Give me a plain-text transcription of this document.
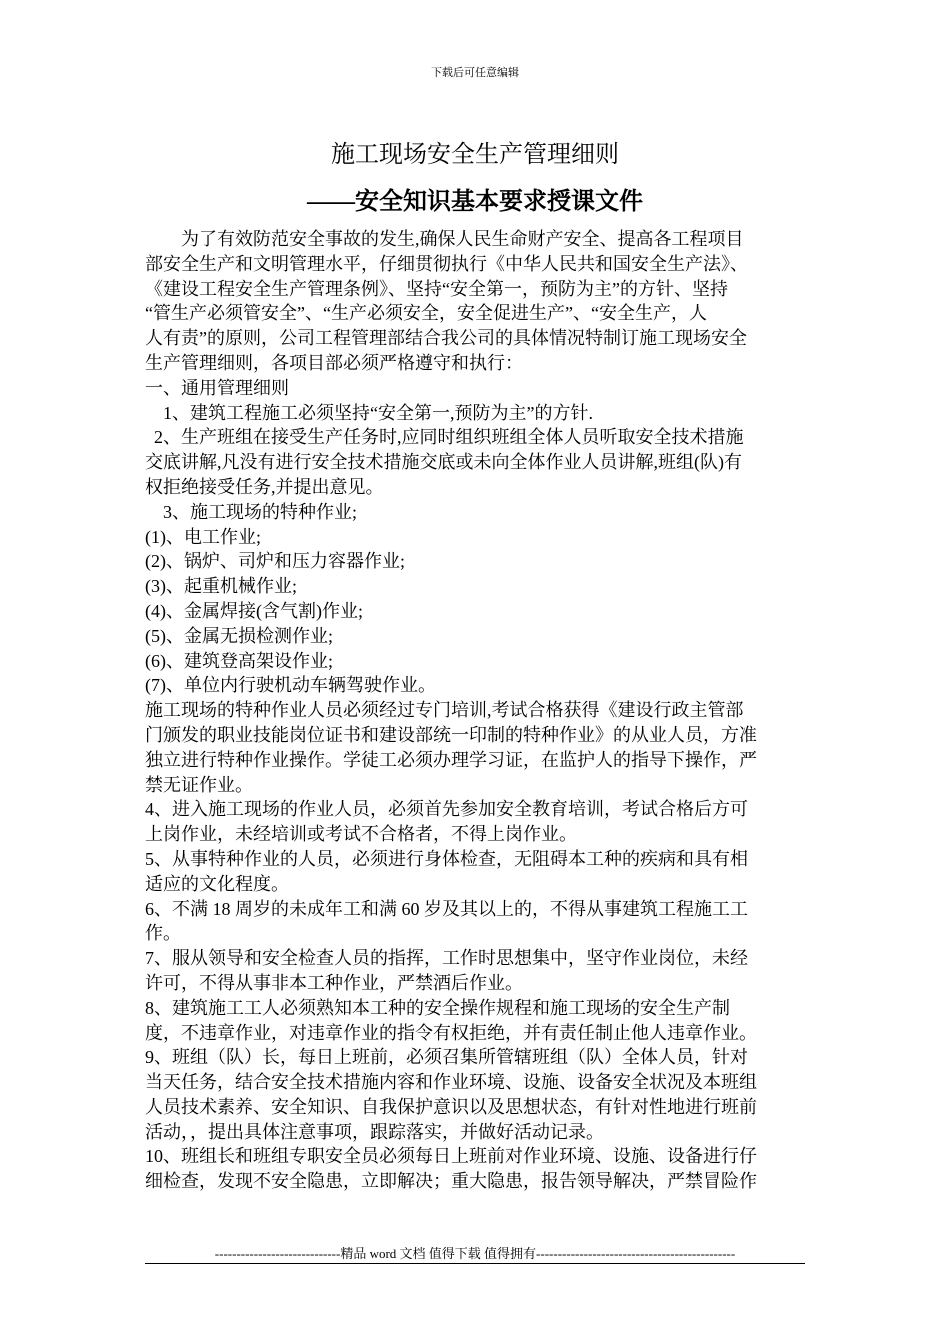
下载后可任意编辑
施工现场安全生产管理细则
——安全知识基本要求授课文件
为了有效防范安全事故的发生,确保人民生命财产安全、提高各工程项目
部安全生产和文明管理水平，仔细贯彻执行《中华人民共和国安全生产法》、
《建设工程安全生产管理条例》、坚持“安全第一，预防为主”的方针、坚持
“管生产必须管安全”、“生产必须安全，安全促进生产”、“安全生产，人
人有责”的原则，公司工程管理部结合我公司的具体情况特制订施工现场安全
生产管理细则，各项目部必须严格遵守和执行：
一、通用管理细则
1、建筑工程施工必须坚持“安全第一,预防为主”的方针.
2、生产班组在接受生产任务时,应同时组织班组全体人员听取安全技术措施
交底讲解,凡没有进行安全技术措施交底或未向全体作业人员讲解,班组(队)有
权拒绝接受任务,并提出意见。
3、施工现场的特种作业;
(1)、电工作业;
(2)、锅炉、司炉和压力容器作业;
(3)、起重机械作业;
(4)、金属焊接(含气割)作业;
(5)、金属无损检测作业;
(6)、建筑登高架设作业;
(7)、单位内行驶机动车辆驾驶作业。
施工现场的特种作业人员必须经过专门培训,考试合格获得《建设行政主管部
门颁发的职业技能岗位证书和建设部统一印制的特种作业》的从业人员，方准
独立进行特种作业操作。学徒工必须办理学习证，在监护人的指导下操作，严
禁无证作业。
4、进入施工现场的作业人员，必须首先参加安全教育培训，考试合格后方可
上岗作业，未经培训或考试不合格者，不得上岗作业。
5、从事特种作业的人员，必须进行身体检查，无阻碍本工种的疾病和具有相
适应的文化程度。
6、不满 18 周岁的未成年工和满 60 岁及其以上的，不得从事建筑工程施工工
作。
7、服从领导和安全检查人员的指挥，工作时思想集中，坚守作业岗位，未经
许可，不得从事非本工种作业，严禁酒后作业。
8、建筑施工工人必须熟知本工种的安全操作规程和施工现场的安全生产制
度，不违章作业，对违章作业的指令有权拒绝，并有责任制止他人违章作业。
9、班组（队）长，每日上班前，必须召集所管辖班组（队）全体人员，针对
当天任务，结合安全技术措施内容和作业环境、设施、设备安全状况及本班组
人员技术素养、安全知识、自我保护意识以及思想状态，有针对性地进行班前
活动，，提出具体注意事项，跟踪落实，并做好活动记录。
10、班组长和班组专职安全员必须每日上班前对作业环境、设施、设备进行仔
细检查，发现不安全隐患，立即解决；重大隐患，报告领导解决，严禁冒险作
-----------------------------精品 word 文档 值得下载 值得拥有----------------------------------------------
